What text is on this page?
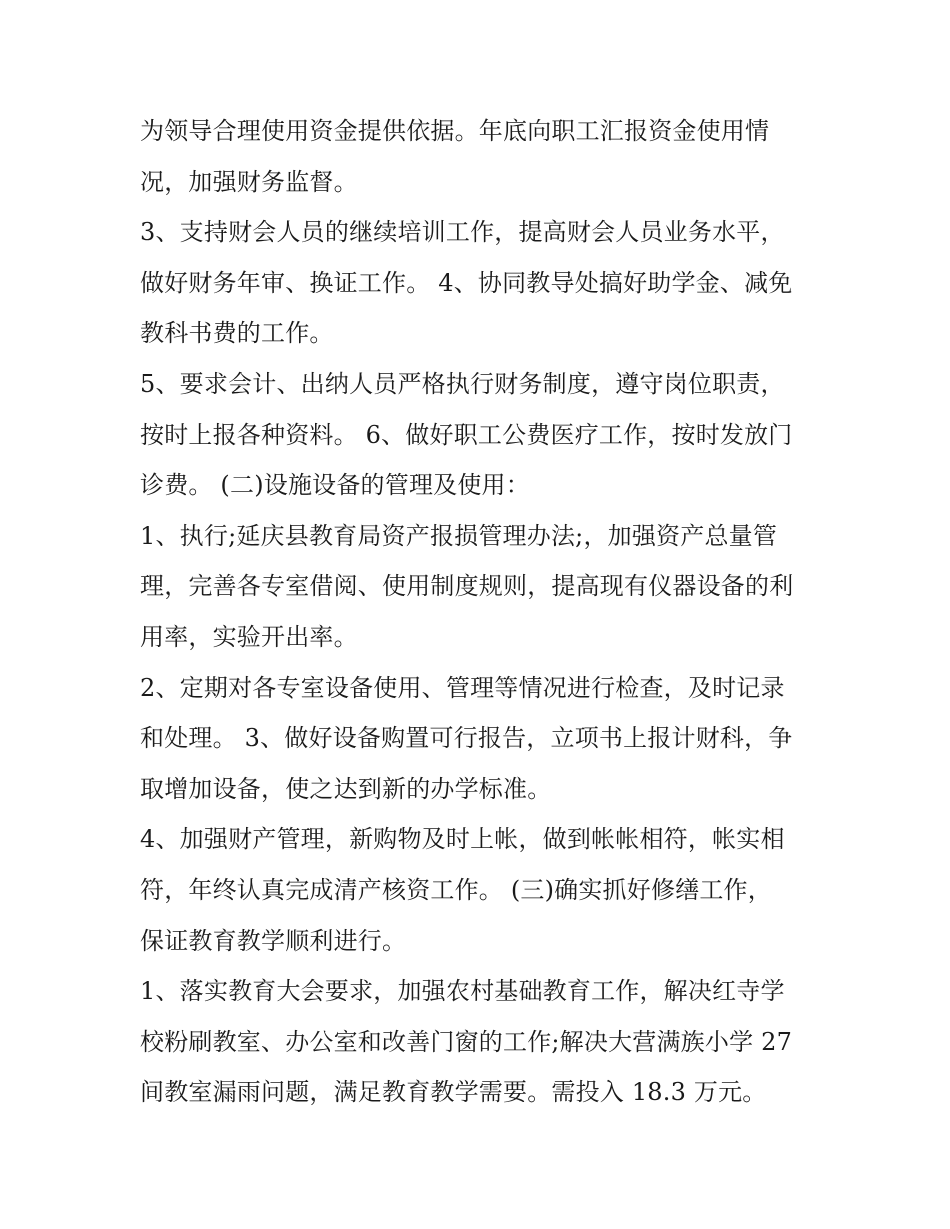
为领导合理使用资金提供依据。年底向职工汇报资金使用情
况，加强财务监督。
3、支持财会人员的继续培训工作，提高财会人员业务水平，
做好财务年审、换证工作。 4、协同教导处搞好助学金、减免
教科书费的工作。
5、要求会计、出纳人员严格执行财务制度，遵守岗位职责，
按时上报各种资料。 6、做好职工公费医疗工作，按时发放门
诊费。 (二)设施设备的管理及使用：
1、执行;延庆县教育局资产报损管理办法;，加强资产总量管
理，完善各专室借阅、使用制度规则，提高现有仪器设备的利
用率，实验开出率。
2、定期对各专室设备使用、管理等情况进行检查，及时记录
和处理。 3、做好设备购置可行报告，立项书上报计财科，争
取增加设备，使之达到新的办学标准。
4、加强财产管理，新购物及时上帐，做到帐帐相符，帐实相
符，年终认真完成清产核资工作。 (三)确实抓好修缮工作，
保证教育教学顺利进行。
1、落实教育大会要求，加强农村基础教育工作，解决红寺学
校粉刷教室、办公室和改善门窗的工作;解决大营满族小学 27
间教室漏雨问题，满足教育教学需要。需投入 18.3 万元。
